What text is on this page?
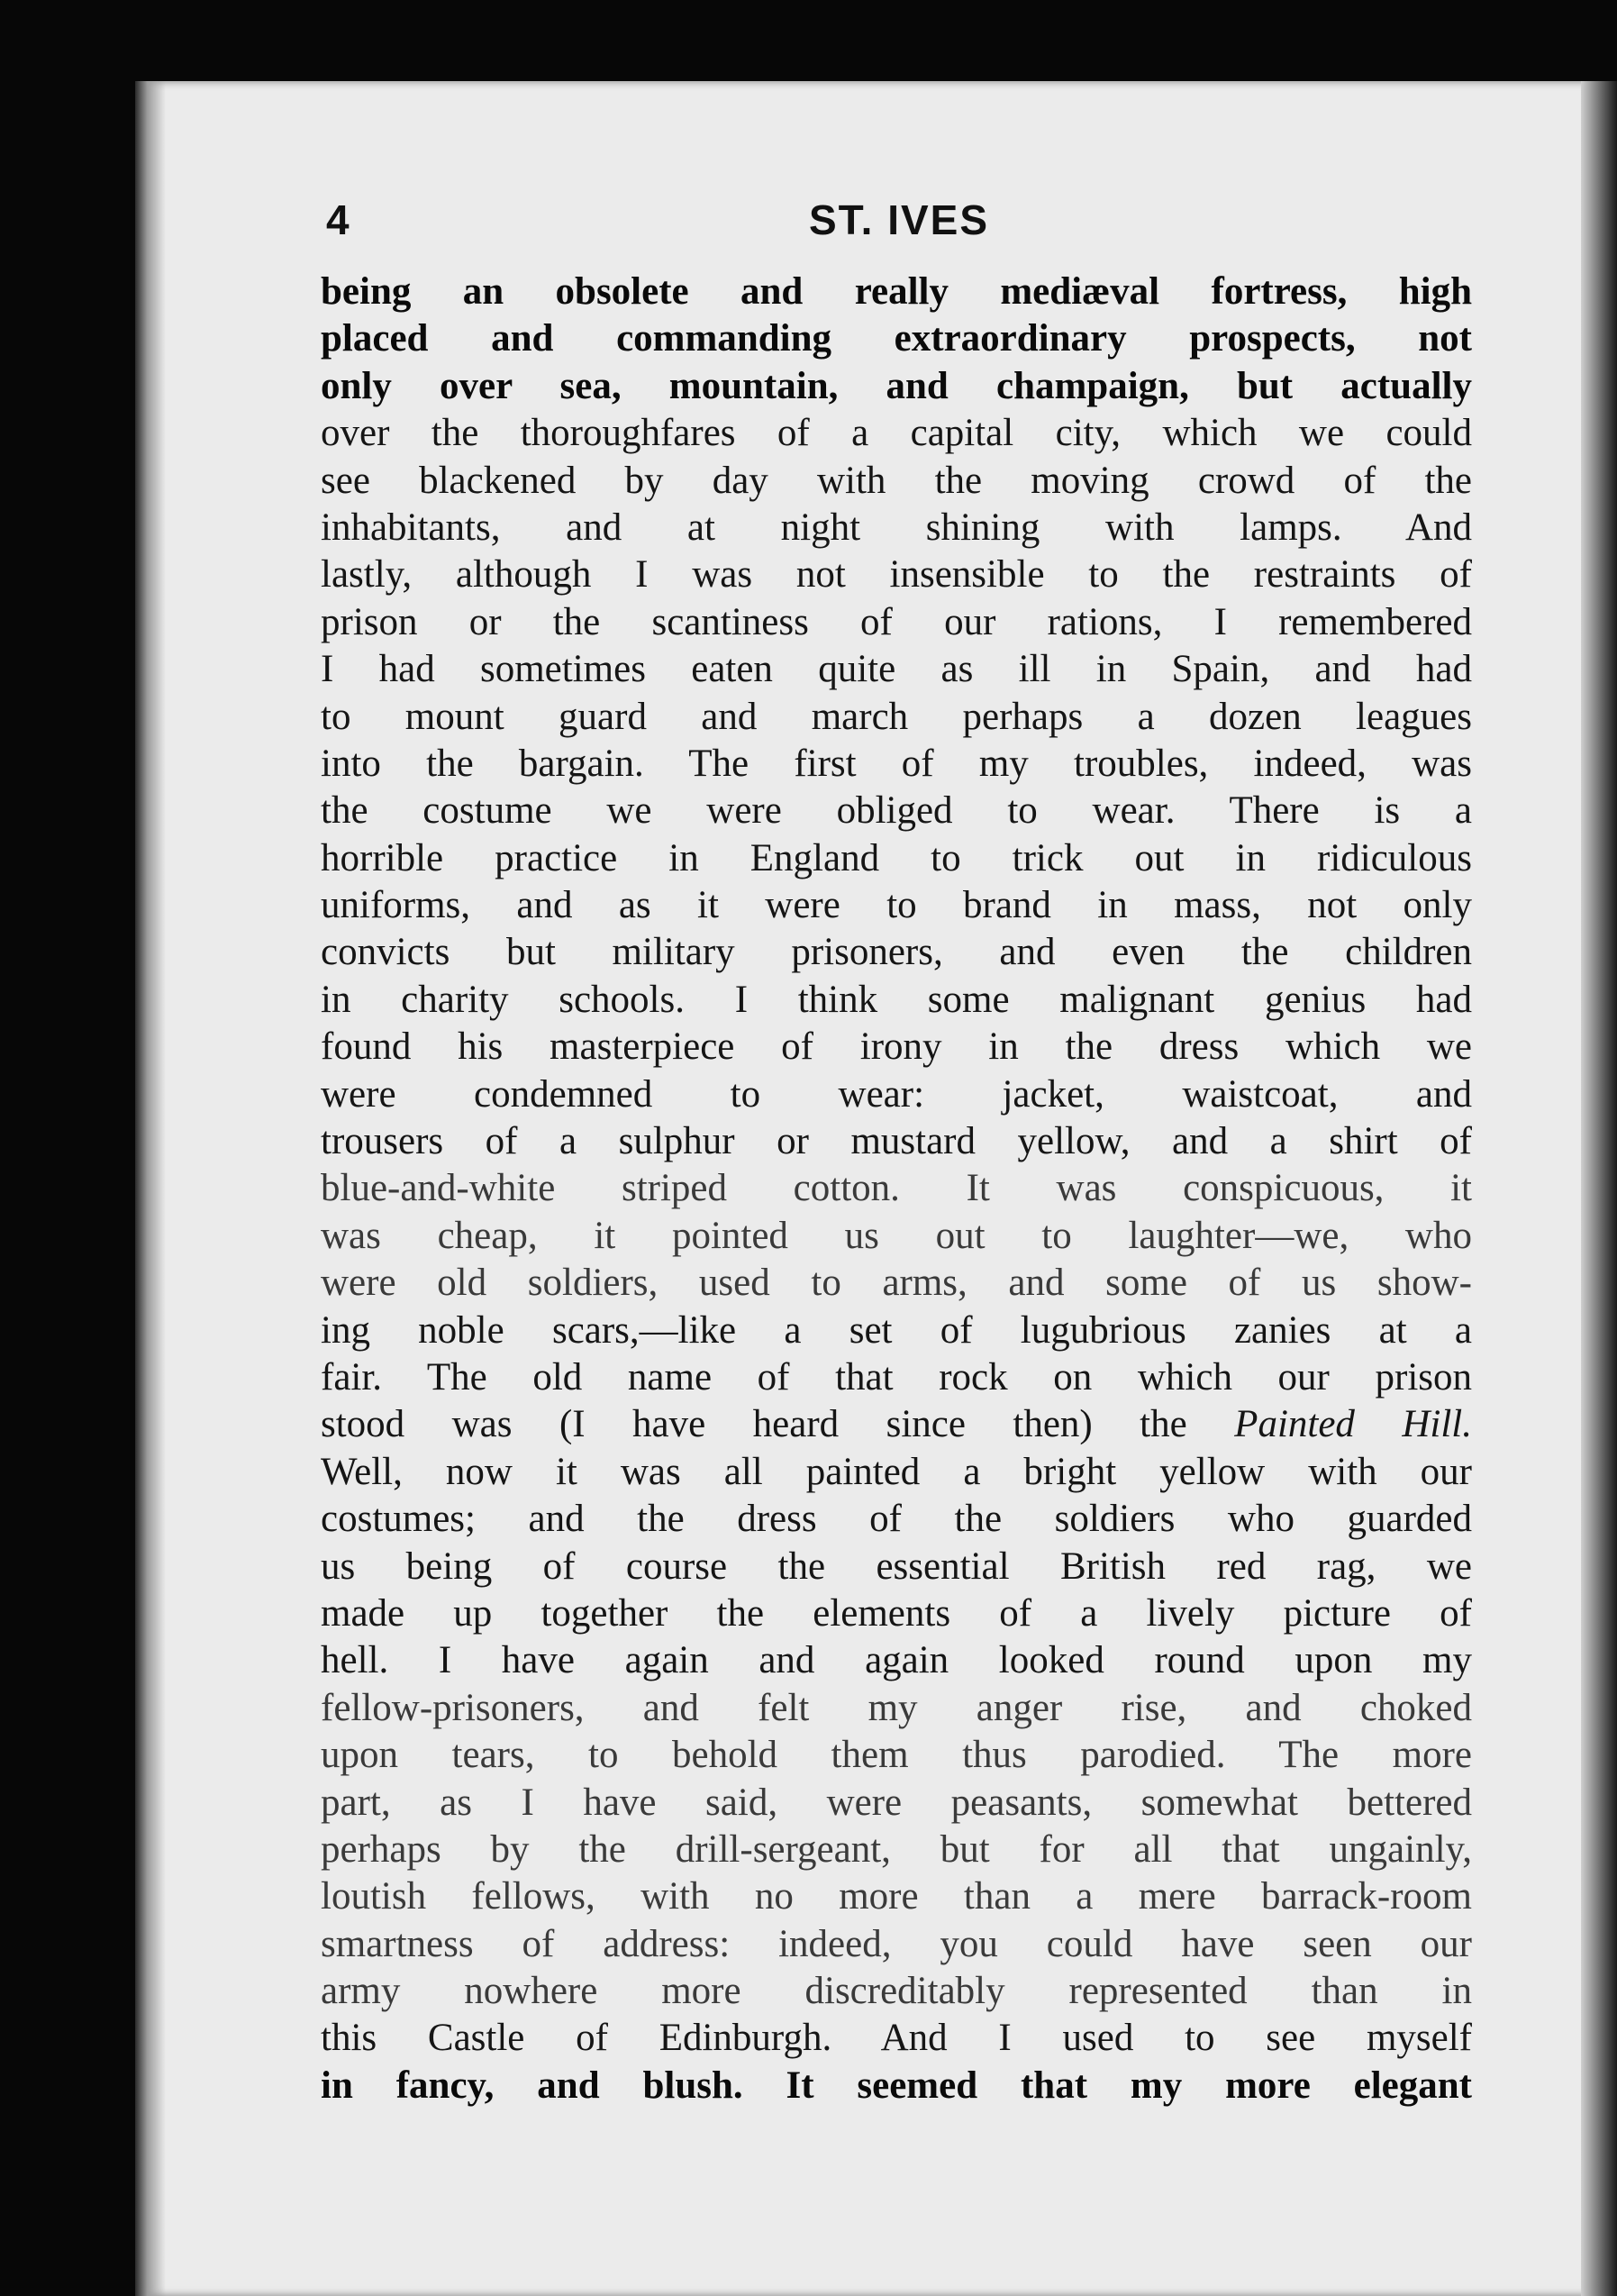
4	ST. IVES
being an obsolete and really mediæval fortress, high
placed and commanding extraordinary prospects, not
only over sea, mountain, and champaign, but actually
over the thoroughfares of a capital city, which we could
see blackened by day with the moving crowd of the
inhabitants, and at night shining with lamps. And
lastly, although I was not insensible to the restraints of
prison or the scantiness of our rations, I remembered
I had sometimes eaten quite as ill in Spain, and had
to mount guard and march perhaps a dozen leagues
into the bargain. The first of my troubles, indeed, was
the costume we were obliged to wear. There is a
horrible practice in England to trick out in ridiculous
uniforms, and as it were to brand in mass, not only
convicts but military prisoners, and even the children
in charity schools. I think some malignant genius had
found his masterpiece of irony in the dress which we
were condemned to wear: jacket, waistcoat, and
trousers of a sulphur or mustard yellow, and a shirt of
blue-and-white striped cotton. It was conspicuous, it
was cheap, it pointed us out to laughter—we, who
were old soldiers, used to arms, and some of us show-
ing noble scars,—like a set of lugubrious zanies at a
fair. The old name of that rock on which our prison
stood was (I have heard since then) the Painted Hill.
Well, now it was all painted a bright yellow with our
costumes; and the dress of the soldiers who guarded
us being of course the essential British red rag, we
made up together the elements of a lively picture of
hell. I have again and again looked round upon my
fellow-prisoners, and felt my anger rise, and choked
upon tears, to behold them thus parodied. The more
part, as I have said, were peasants, somewhat bettered
perhaps by the drill-sergeant, but for all that ungainly,
loutish fellows, with no more than a mere barrack-room
smartness of address: indeed, you could have seen our
army nowhere more discreditably represented than in
this Castle of Edinburgh. And I used to see myself
in fancy, and blush. It seemed that my more elegant
